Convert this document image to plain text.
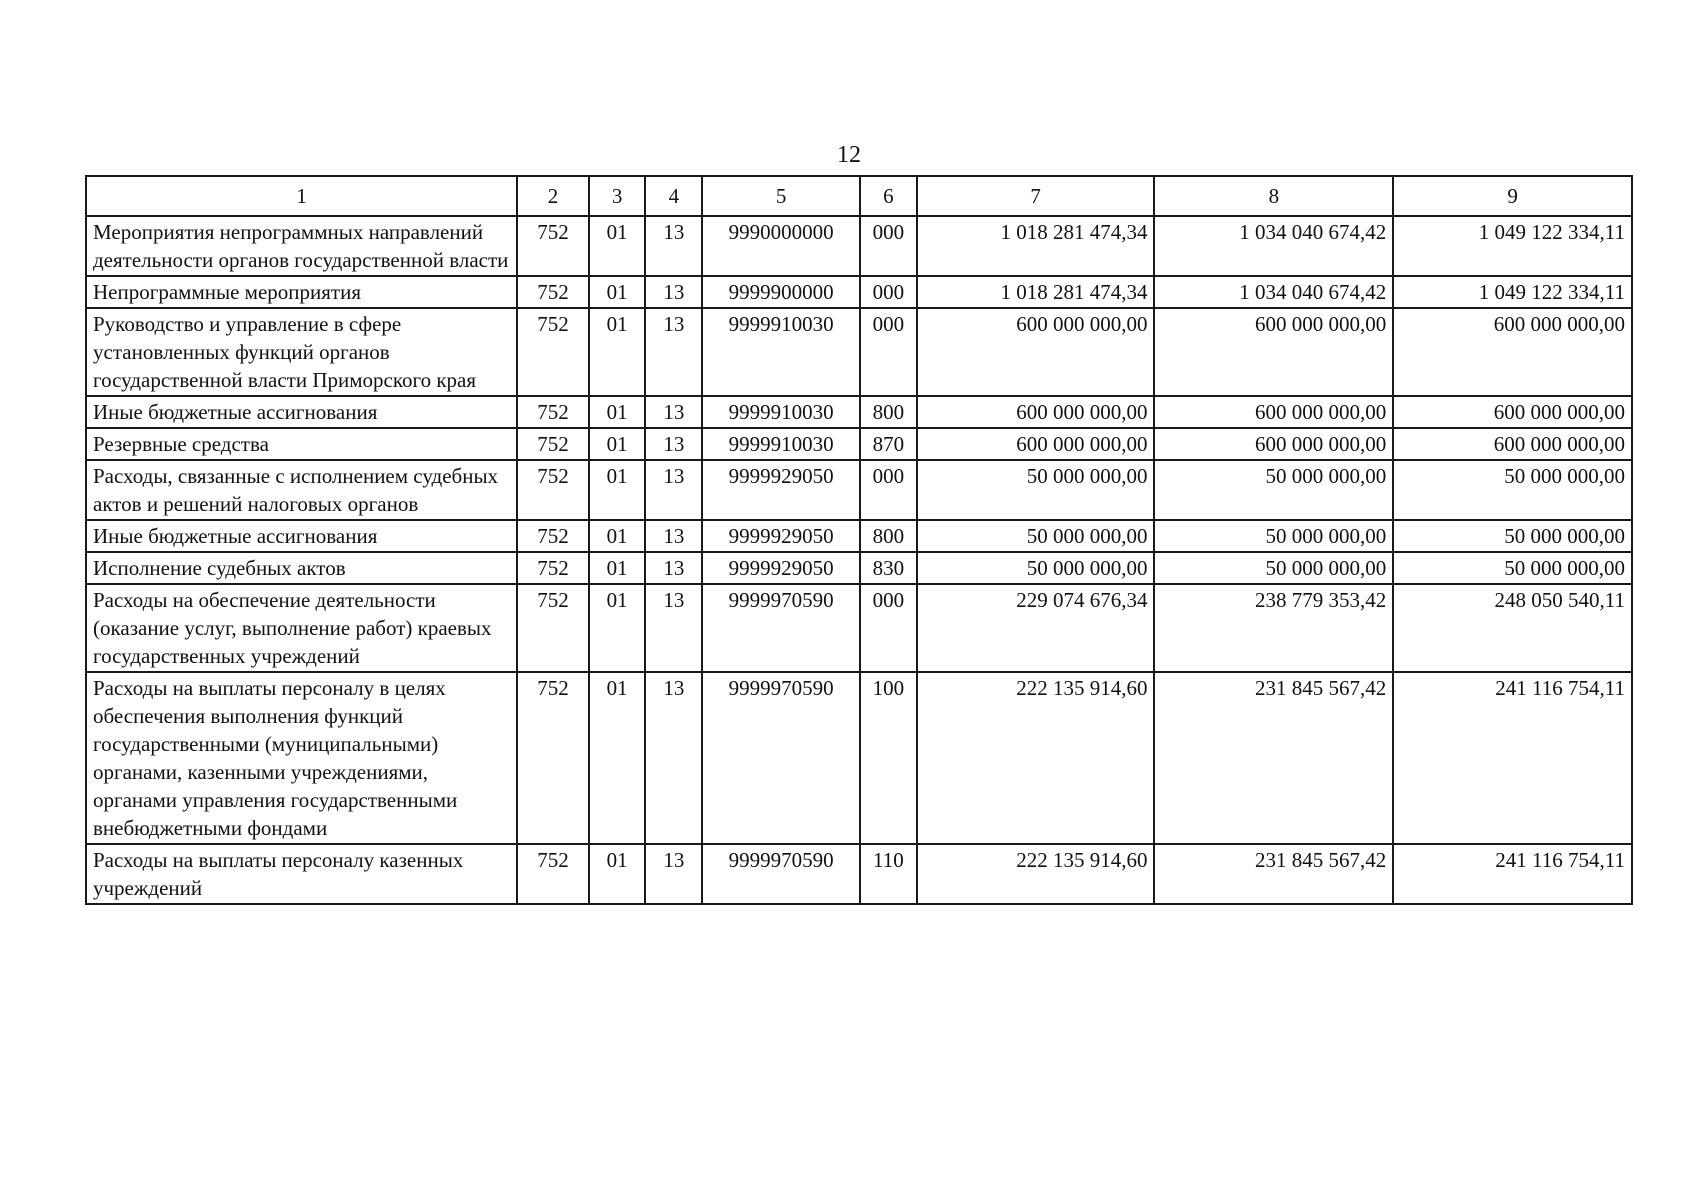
12
1	2	3	4	5	6	7	8	9
Мероприятия непрограммных направлений деятельности органов государственной власти	752	01	13	9990000000	000	1 018 281 474,34	1 034 040 674,42	1 049 122 334,11
Непрограммные мероприятия	752	01	13	9999900000	000	1 018 281 474,34	1 034 040 674,42	1 049 122 334,11
Руководство и управление в сфере установленных функций органов государственной власти Приморского края	752	01	13	9999910030	000	600 000 000,00	600 000 000,00	600 000 000,00
Иные бюджетные ассигнования	752	01	13	9999910030	800	600 000 000,00	600 000 000,00	600 000 000,00
Резервные средства	752	01	13	9999910030	870	600 000 000,00	600 000 000,00	600 000 000,00
Расходы, связанные с исполнением судебных актов и решений налоговых органов	752	01	13	9999929050	000	50 000 000,00	50 000 000,00	50 000 000,00
Иные бюджетные ассигнования	752	01	13	9999929050	800	50 000 000,00	50 000 000,00	50 000 000,00
Исполнение судебных актов	752	01	13	9999929050	830	50 000 000,00	50 000 000,00	50 000 000,00
Расходы на обеспечение деятельности (оказание услуг, выполнение работ) краевых государственных учреждений	752	01	13	9999970590	000	229 074 676,34	238 779 353,42	248 050 540,11
Расходы на выплаты персоналу в целях обеспечения выполнения функций государственными (муниципальными) органами, казенными учреждениями, органами управления государственными внебюджетными фондами	752	01	13	9999970590	100	222 135 914,60	231 845 567,42	241 116 754,11
Расходы на выплаты персоналу казенных учреждений	752	01	13	9999970590	110	222 135 914,60	231 845 567,42	241 116 754,11
